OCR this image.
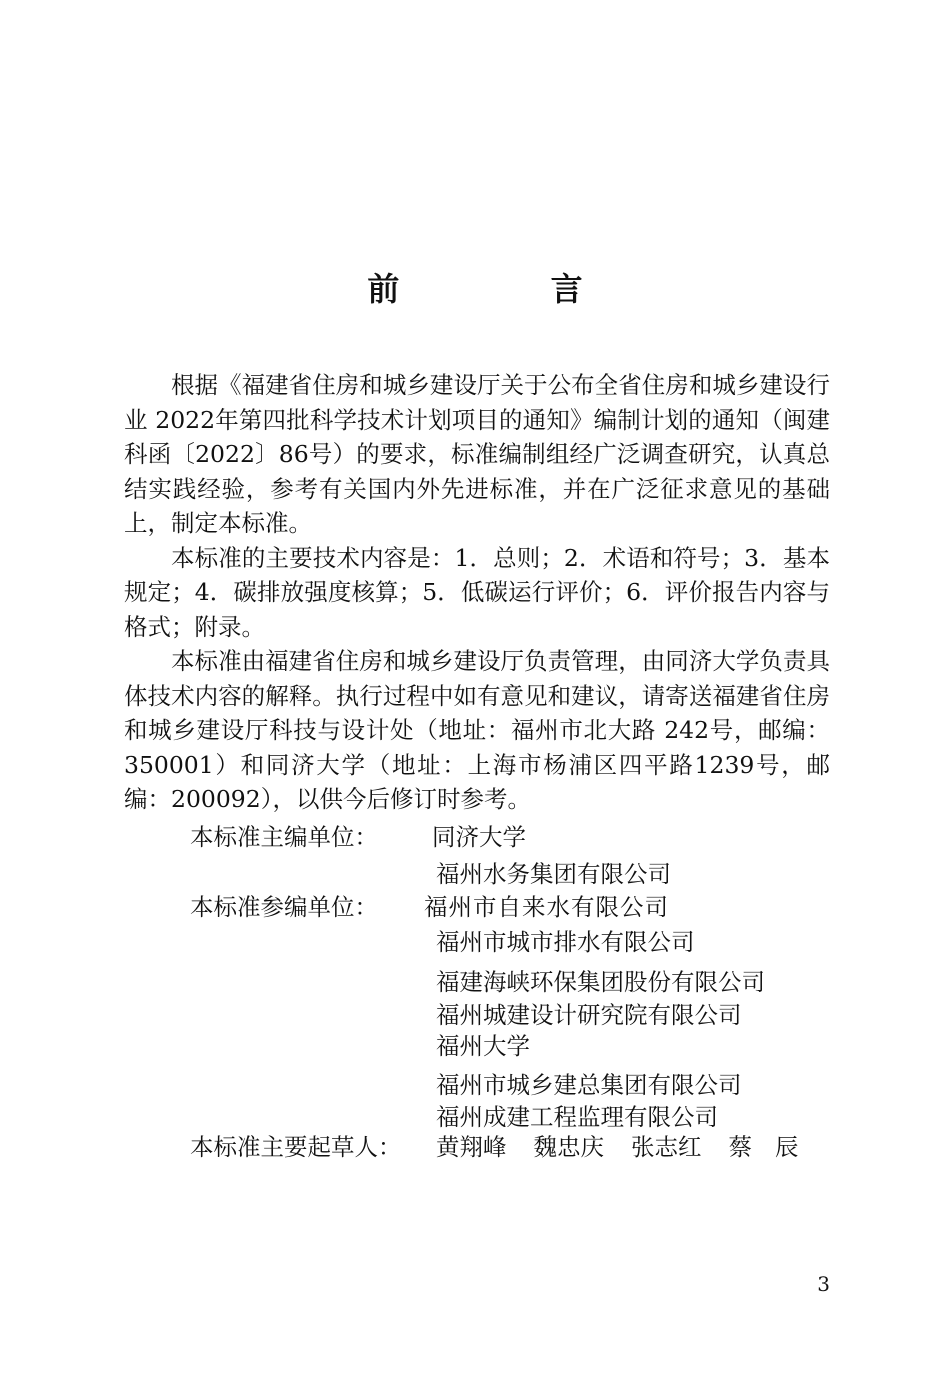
前 言

根据《福建省住房和城乡建设厅关于公布全省住房和城乡建设行业 2022年第四批科学技术计划项目的通知》编制计划的通知（闽建科函〔2022〕86号）的要求，标准编制组经广泛调查研究，认真总结实践经验，参考有关国内外先进标准，并在广泛征求意见的基础上，制定本标准。

本标准的主要技术内容是：1．总则；2．术语和符号；3．基本规定；4．碳排放强度核算；5．低碳运行评价；6．评价报告内容与格式；附录。

本标准由福建省住房和城乡建设厅负责管理，由同济大学负责具体技术内容的解释。执行过程中如有意见和建议，请寄送福建省住房和城乡建设厅科技与设计处（地址：福州市北大路 242号，邮编：350001）和同济大学（地址：上海市杨浦区四平路1239号，邮编：200092），以供今后修订时参考。

本标准主编单位： 同济大学
福州水务集团有限公司
本标准参编单位： 福州市自来水有限公司
福州市城市排水有限公司
福建海峡环保集团股份有限公司
福州城建设计研究院有限公司
福州大学
福州市城乡建总集团有限公司
福州成建工程监理有限公司
本标准主要起草人： 黄翔峰 魏忠庆 张志红 蔡辰
3
